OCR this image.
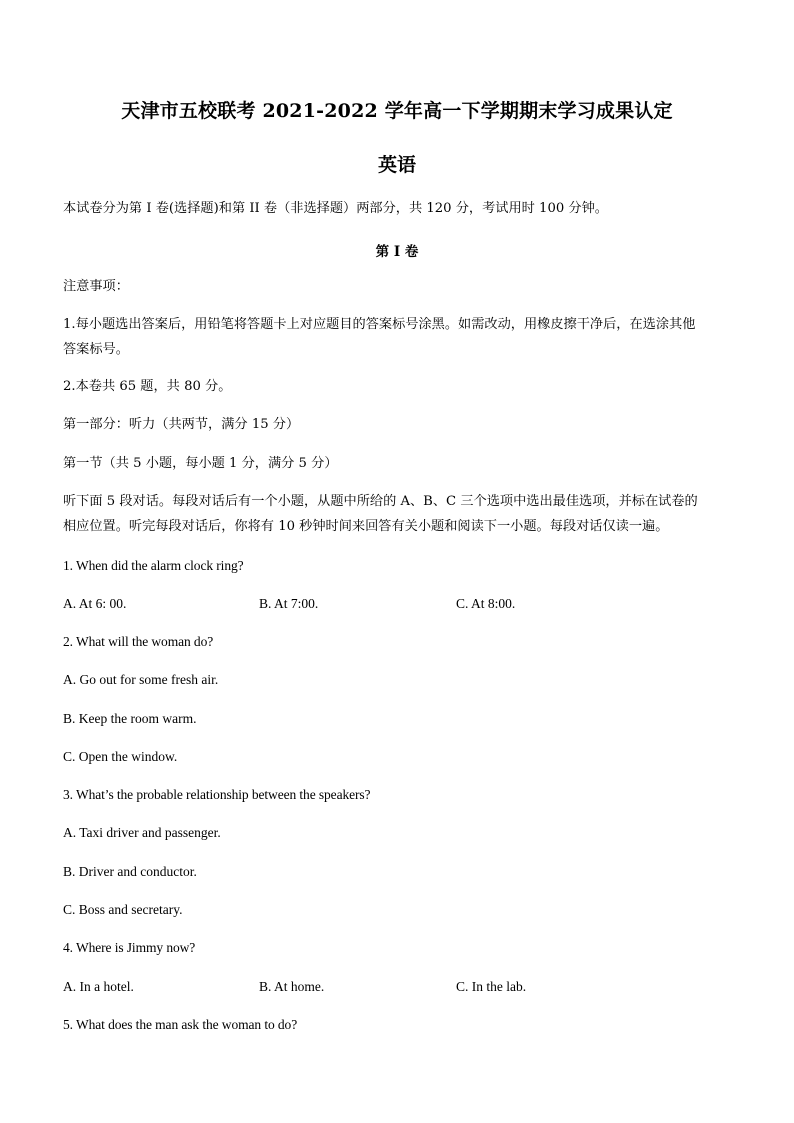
天津市五校联考 2021-2022 学年高一下学期期末学习成果认定
英语
本试卷分为第 I 卷(选择题)和第 II 卷（非选择题）两部分，共 120 分，考试用时 100 分钟。
第 I 卷
注意事项：
1.每小题选出答案后，用铅笔将答题卡上对应题目的答案标号涂黑。如需改动，用橡皮擦干净后，在选涂其他
答案标号。
2.本卷共 65 题，共 80 分。
第一部分：听力（共两节，满分 15 分）
第一节（共 5 小题，每小题 1 分，满分 5 分）
听下面 5 段对话。每段对话后有一个小题，从题中所给的 A、B、C 三个选项中选出最佳选项，并标在试卷的
相应位置。听完每段对话后，你将有 10 秒钟时间来回答有关小题和阅读下一小题。每段对话仅读一遍。
1. When did the alarm clock ring?
A. At 6: 00.	B. At 7:00.	C. At 8:00.
2. What will the woman do?
A. Go out for some fresh air.
B. Keep the room warm.
C. Open the window.
3. What’s the probable relationship between the speakers?
A. Taxi driver and passenger.
B. Driver and conductor.
C. Boss and secretary.
4. Where is Jimmy now?
A. In a hotel.	B. At home.	C. In the lab.
5. What does the man ask the woman to do?
